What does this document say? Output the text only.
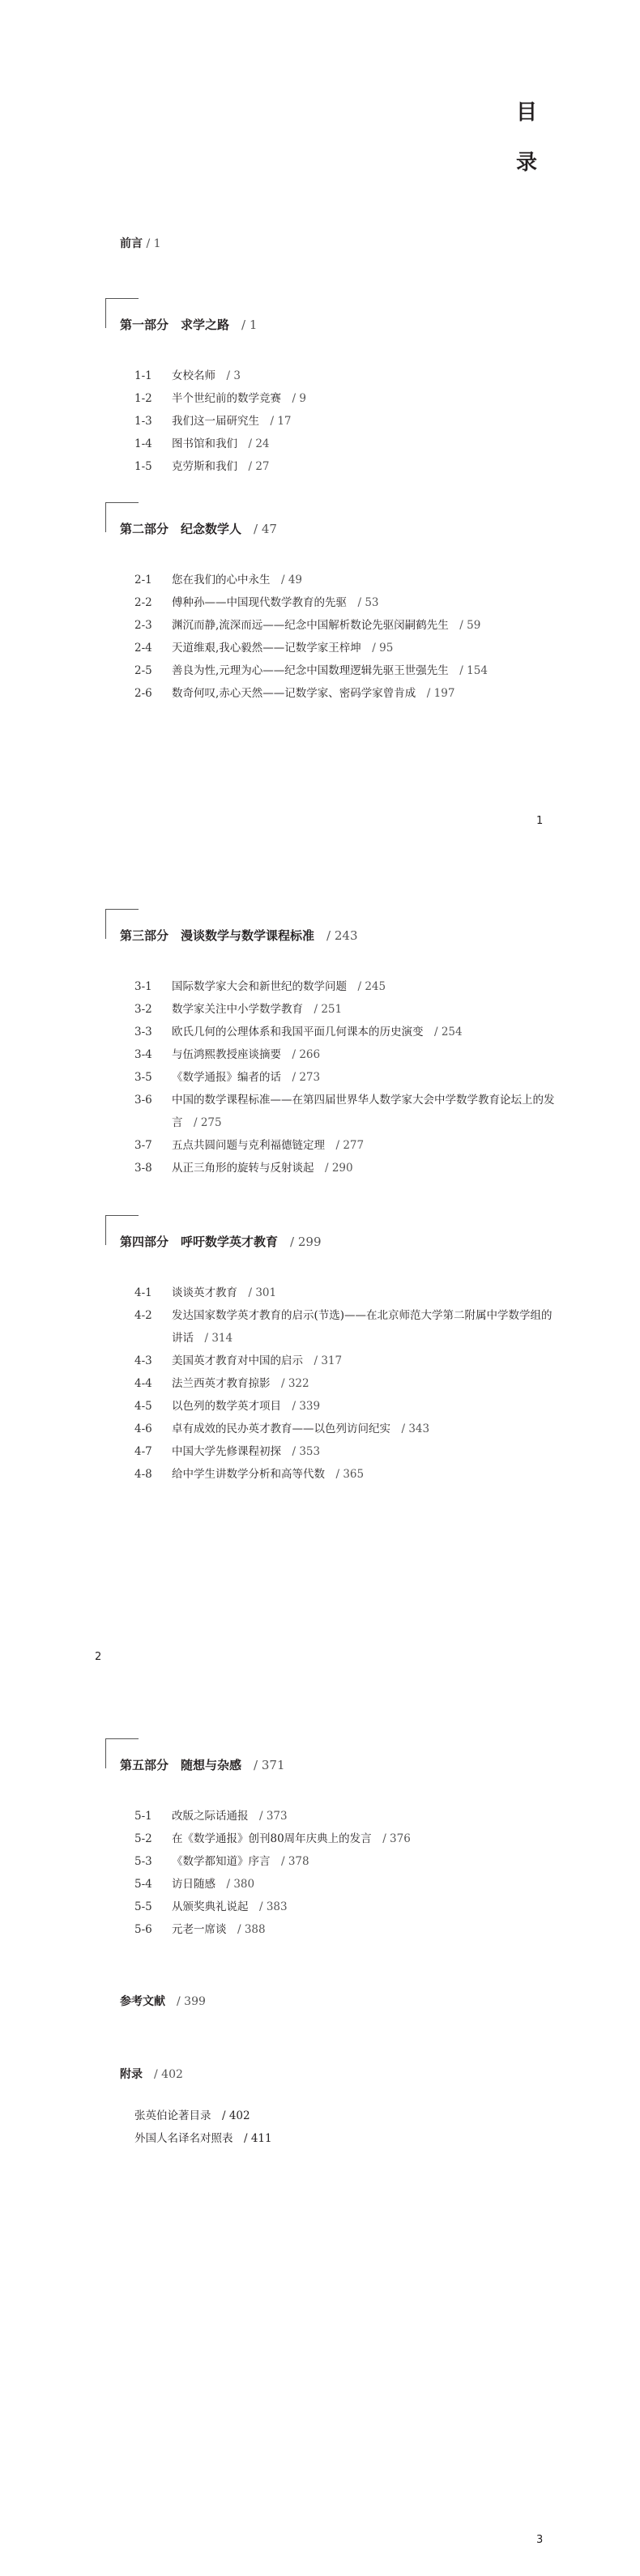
目
录
前言 / 1
第一部分　求学之路　 / 1
1-1	女校名师　 / 3
1-2	半个世纪前的数学竞赛　 / 9
1-3	我们这一届研究生　 / 17
1-4	图书馆和我们　 / 24
1-5	克劳斯和我们　 / 27
第二部分　纪念数学人　 / 47
2-1	您在我们的心中永生　 / 49
2-2	傅种孙——中国现代数学教育的先驱　 / 53
2-3	渊沉而静,流深而远——纪念中国解析数论先驱闵嗣鹤先生　 / 59
2-4	天道维艰,我心毅然——记数学家王梓坤　 / 95
2-5	善良为性,元理为心——纪念中国数理逻辑先驱王世强先生　 / 154
2-6	数奇何叹,赤心天然——记数学家、密码学家曾肯成　 / 197
1
第三部分　漫谈数学与数学课程标准　 / 243
3-1	国际数学家大会和新世纪的数学问题　 / 245
3-2	数学家关注中小学数学教育　 / 251
3-3	欧氏几何的公理体系和我国平面几何课本的历史演变　 / 254
3-4	与伍鸿熙教授座谈摘要　 / 266
3-5	《数学通报》编者的话　 / 273
3-6	中国的数学课程标准——在第四届世界华人数学家大会中学数学教育论坛上的发言　 / 275
3-7	五点共圆问题与克利福德链定理　 / 277
3-8	从正三角形的旋转与反射谈起　 / 290
第四部分　呼吁数学英才教育　 / 299
4-1	谈谈英才教育　 / 301
4-2	发达国家数学英才教育的启示(节选)——在北京师范大学第二附属中学数学组的讲话　 / 314
4-3	美国英才教育对中国的启示　 / 317
4-4	法兰西英才教育掠影　 / 322
4-5	以色列的数学英才项目　 / 339
4-6	卓有成效的民办英才教育——以色列访问纪实　 / 343
4-7	中国大学先修课程初探　 / 353
4-8	给中学生讲数学分析和高等代数　 / 365
2
第五部分　随想与杂感　 / 371
5-1	改版之际话通报　 / 373
5-2	在《数学通报》创刊80周年庆典上的发言　 / 376
5-3	《数学都知道》序言　 / 378
5-4	访日随感　 / 380
5-5	从颁奖典礼说起　 / 383
5-6	元老一席谈　 / 388
参考文献　 / 399
附录　 / 402
张英伯论著目录　 / 402
外国人名译名对照表　 / 411
3
